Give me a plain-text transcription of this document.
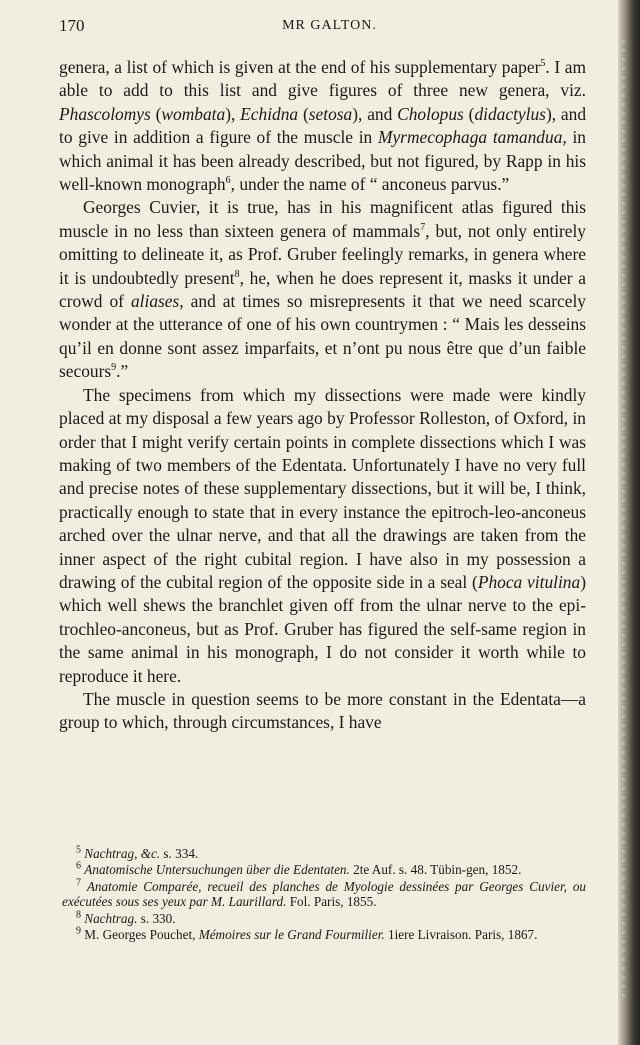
170	MR GALTON.

genera, a list of which is given at the end of his supplementary paper$^5$. I am able to add to this list and give figures of three new genera, viz. Phascolomys (wombata), Echidna (setosa), and Cholopus (didactylus), and to give in addition a figure of the muscle in Myrmecophaga tamandua, in which animal it has been already described, but not figured, by Rapp in his well-known monograph$^6$, under the name of “ anconeus parvus.”

Georges Cuvier, it is true, has in his magnificent atlas figured this muscle in no less than sixteen genera of mammals$^7$, but, not only entirely omitting to delineate it, as Prof. Gruber feelingly remarks, in genera where it is undoubtedly present$^8$, he, when he does represent it, masks it under a crowd of aliases, and at times so misrepresents it that we need scarcely wonder at the utterance of one of his own countrymen : “ Mais les desseins qu’il en donne sont assez imparfaits, et n’ont pu nous être que d’un faible secours$^9$.”

The specimens from which my dissections were made were kindly placed at my disposal a few years ago by Professor Rolleston, of Oxford, in order that I might verify certain points in complete dissections which I was making of two members of the Edentata. Unfortunately I have no very full and precise notes of these supplementary dissections, but it will be, I think, practically enough to state that in every instance the epitroch-leo-anconeus arched over the ulnar nerve, and that all the drawings are taken from the inner aspect of the right cubital region. I have also in my possession a drawing of the cubital region of the opposite side in a seal (Phoca vitulina) which well shews the branchlet given off from the ulnar nerve to the epi-trochleo-anconeus, but as Prof. Gruber has figured the self-same region in the same animal in his monograph, I do not consider it worth while to reproduce it here.

The muscle in question seems to be more constant in the Edentata—a group to which, through circumstances, I have

$^5$ Nachtrag, &c. s. 334.

$^6$ Anatomische Untersuchungen über die Edentaten. 2te Auf. s. 48. Tübin-gen, 1852.

$^7$ Anatomie Comparée, recueil des planches de Myologie dessinées par Georges Cuvier, ou exécutées sous ses yeux par M. Laurillard. Fol. Paris, 1855.

$^8$ Nachtrag. s. 330.

$^9$ M. Georges Pouchet, Mémoires sur le Grand Fourmilier. 1iere Livraison. Paris, 1867.
